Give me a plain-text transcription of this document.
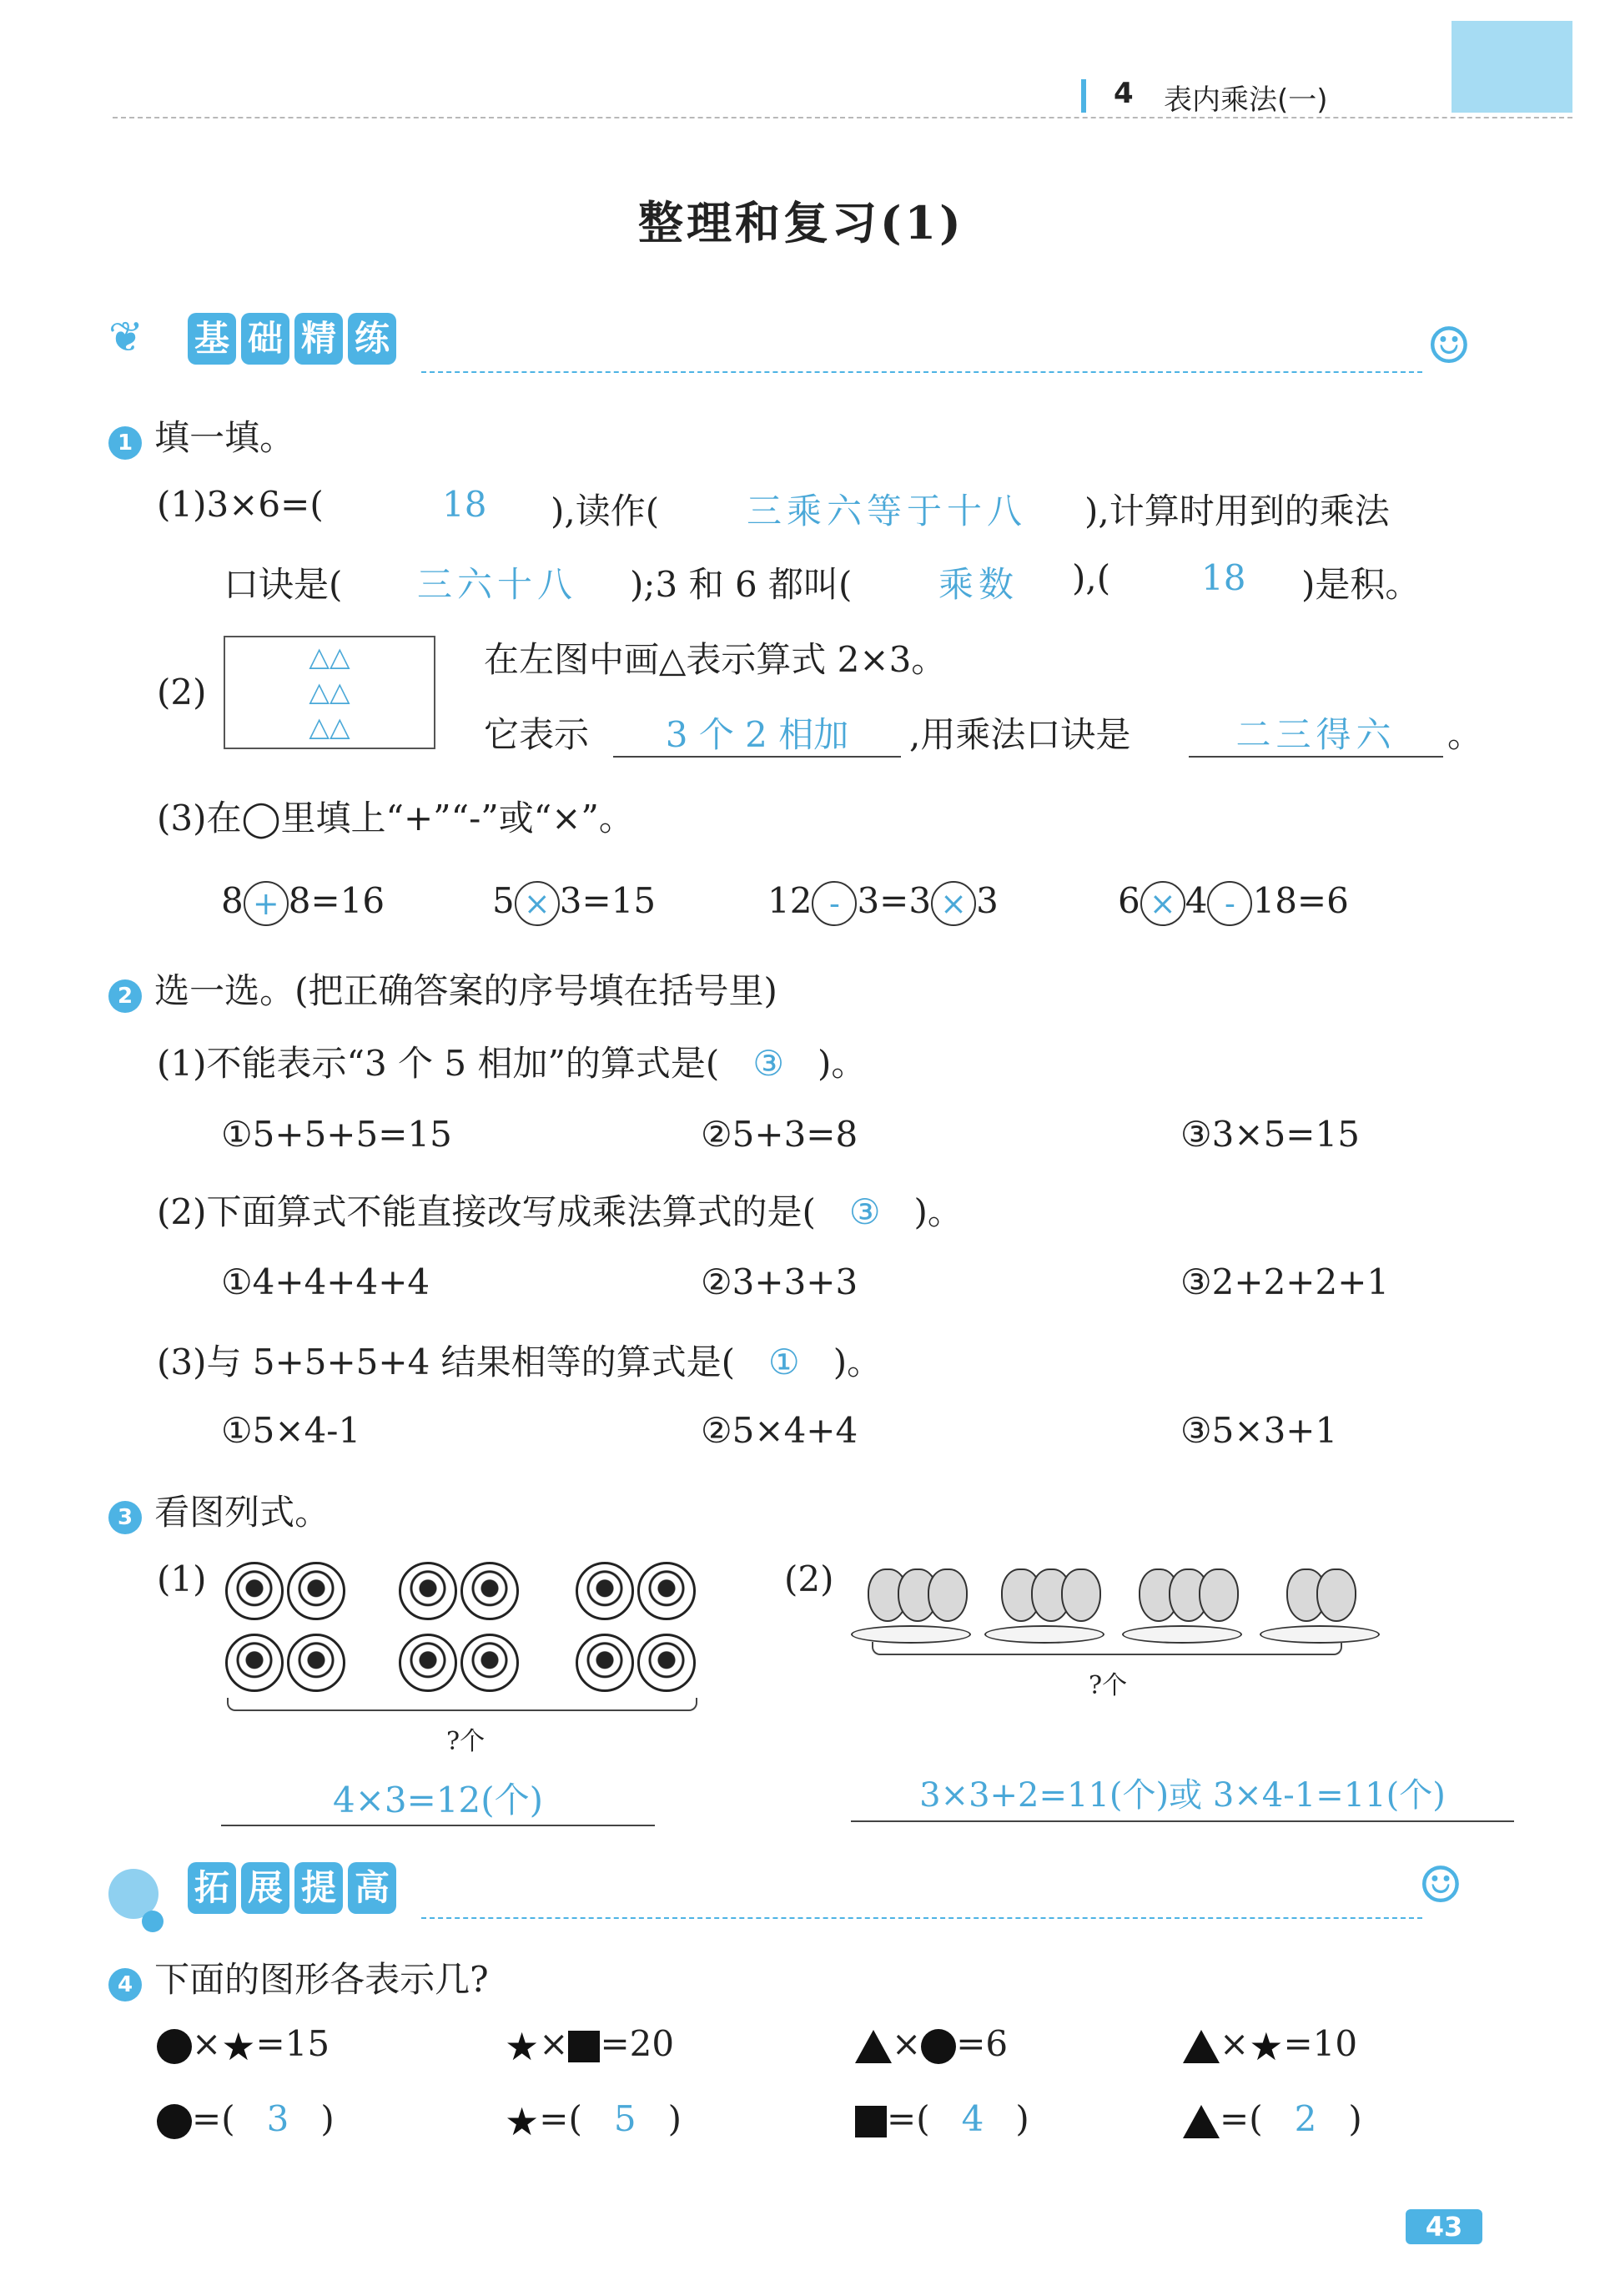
4 表内乘法(一)
整理和复习(1)
❦ 基 础 精 练	☺
1 填一填。
(1)3×6=(	18 ),读作( 三乘六等于十八 ),计算时用到的乘法
口诀是( 三六十八 );3 和 6 都叫( 乘数 ),(	18 )是积。
(2)
△△
△△
△△
在左图中画△表示算式 2×3。
它表示	3 个 2 相加	,用乘法口诀是	二三得六	。
(3)在◯里填上“+”“-”或“×”。
8 + 8=16	5 × 3=15	12 - 3=3 × 3	6 × 4 - 18=6
2 选一选。(把正确答案的序号填在括号里)
(1)不能表示“3 个 5 相加”的算式是( ③ )。
①5+5+5=15	②5+3=8	③3×5=15
(2)下面算式不能直接改写成乘法算式的是( ③ )。
①4+4+4+4	②3+3+3	③2+2+2+1
(3)与 5+5+5+4 结果相等的算式是( ① )。
①5×4-1	②5×4+4	③5×3+1
3 看图列式。
(1)

?个
4×3=12(个)
(2)
?个
3×3+2=11(个)或 3×4-1=11(个)
拓 展 提 高	☺
4 下面的图形各表示几?
×★=15	★× =20	× =6	×★=10
=( 3 )	★=( 5 )	=( 4 )	=( 2 )
43
